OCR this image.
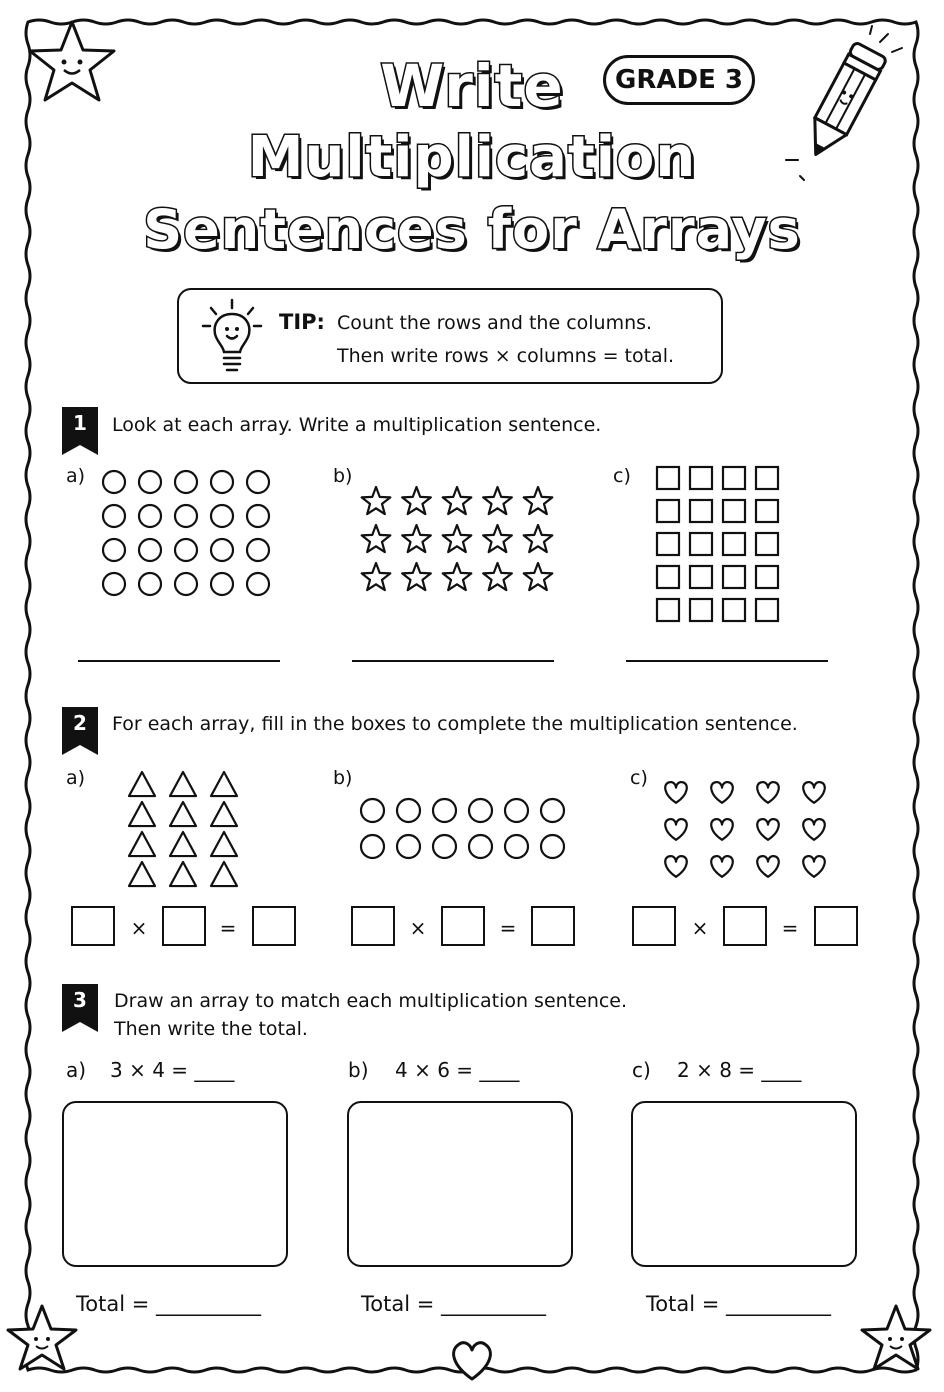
Write
Multiplication
Sentences for Arrays
GRADE 3
TIP: Count the rows and the columns.
Then write rows × columns = total.
1	Look at each array. Write a multiplication sentence.
a)	b)	c)
2	For each array, fill in the boxes to complete the multiplication sentence.
a)	b)	c)
×	=	×	=	×	=
3	Draw an array to match each multiplication sentence.
Then write the total.
a) 3 × 4 = ____	b) 4 × 6 = ____	c) 2 × 8 = ____
Total = __________	Total = __________	Total = __________
